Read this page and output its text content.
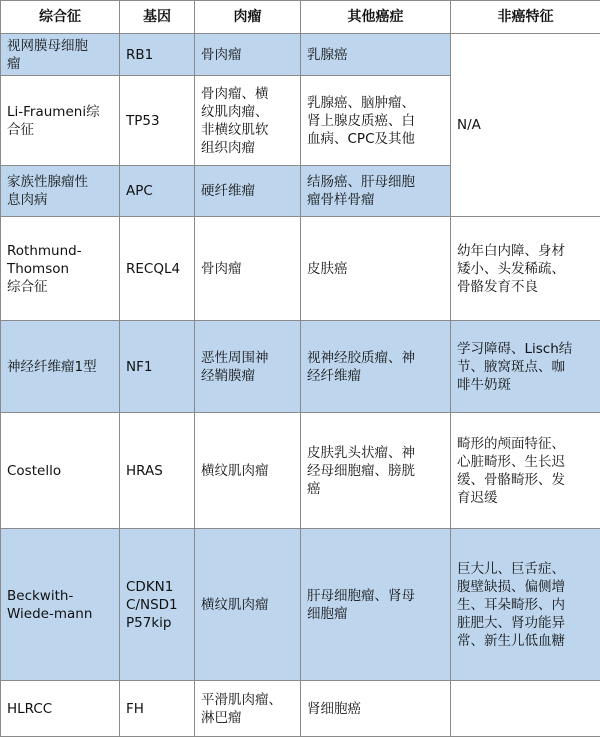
综合征	基因	肉瘤	其他癌症	非癌特征

视网膜母细胞
瘤	RB1	骨肉瘤	乳腺癌	N/A

Li-Fraumeni综
合征	TP53	骨肉瘤、横
纹肌肉瘤、
非横纹肌软
组织肉瘤	乳腺癌、脑肿瘤、
肾上腺皮质癌、白
血病、CPC及其他	

家族性腺瘤性
息肉病	APC	硬纤维瘤	结肠癌、肝母细胞
瘤骨样骨瘤	

Rothmund-
Thomson
综合征	RECQL4	骨肉瘤	皮肤癌	幼年白内障、身材
矮小、头发稀疏、
骨骼发育不良

神经纤维瘤1型	NF1	恶性周围神
经鞘膜瘤	视神经胶质瘤、神
经纤维瘤	学习障碍、Lisch结
节、腋窝斑点、咖
啡牛奶斑

Costello	HRAS	横纹肌肉瘤	皮肤乳头状瘤、神
经母细胞瘤、膀胱
癌	畸形的颅面特征、
心脏畸形、生长迟
缓、骨骼畸形、发
育迟缓

Beckwith-
Wiede-mann	CDKN1
C/NSD1
P57kip	横纹肌肉瘤	肝母细胞瘤、肾母
细胞瘤	巨大儿、巨舌症、
腹壁缺损、偏侧增
生、耳朵畸形、内
脏肥大、肾功能异
常、新生儿低血糖

HLRCC	FH	平滑肌肉瘤、
淋巴瘤	肾细胞癌	
